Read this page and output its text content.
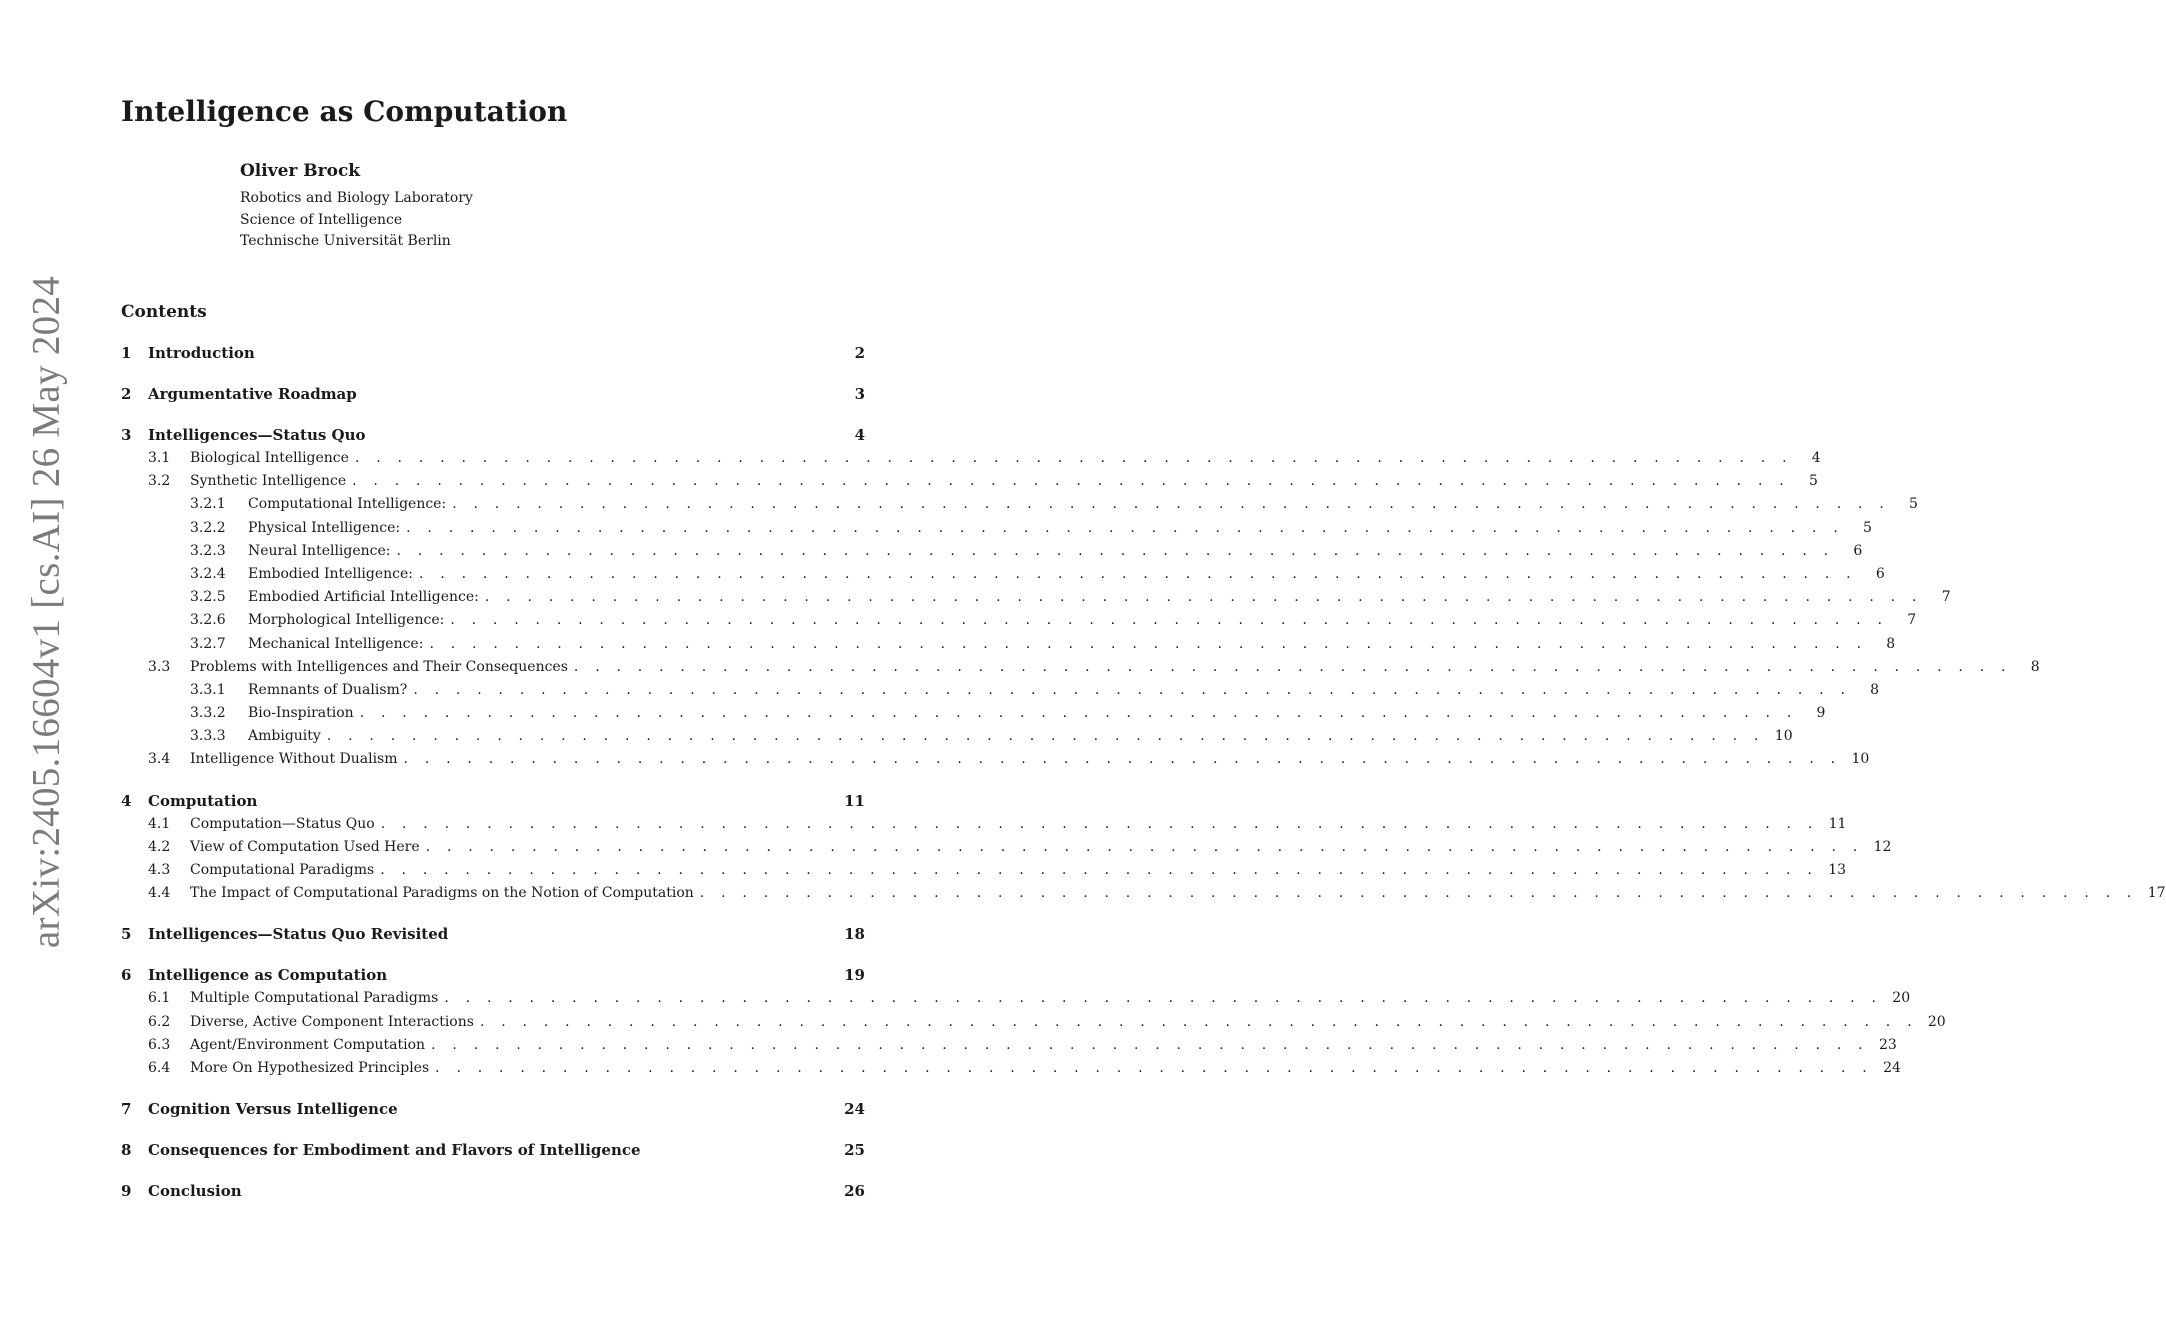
arXiv:2405.16604v1 [cs.AI] 26 May 2024
Intelligence as Computation
Oliver Brock
Robotics and Biology Laboratory
Science of Intelligence
Technische Universität Berlin
Contents
1	Introduction	2
2	Argumentative Roadmap	3
3	Intelligences—Status Quo	4
3.1	Biological Intelligence . . . . . . . . . . . . . . . . . . . . . . . . . . . . . . . . . . . . . . . . . . . . . . . . . . . . . . . . . . . . . . . . . . . .	4
3.2	Synthetic Intelligence . . . . . . . . . . . . . . . . . . . . . . . . . . . . . . . . . . . . . . . . . . . . . . . . . . . . . . . . . . . . . . . . . . . .	5
3.2.1	Computational Intelligence: . . . . . . . . . . . . . . . . . . . . . . . . . . . . . . . . . . . . . . . . . . . . . . . . . . . . . . . . . . . . . . . . . . . .	5
3.2.2	Physical Intelligence: . . . . . . . . . . . . . . . . . . . . . . . . . . . . . . . . . . . . . . . . . . . . . . . . . . . . . . . . . . . . . . . . . . . .	5
3.2.3	Neural Intelligence: . . . . . . . . . . . . . . . . . . . . . . . . . . . . . . . . . . . . . . . . . . . . . . . . . . . . . . . . . . . . . . . . . . . .	6
3.2.4	Embodied Intelligence: . . . . . . . . . . . . . . . . . . . . . . . . . . . . . . . . . . . . . . . . . . . . . . . . . . . . . . . . . . . . . . . . . . . .	6
3.2.5	Embodied Artificial Intelligence: . . . . . . . . . . . . . . . . . . . . . . . . . . . . . . . . . . . . . . . . . . . . . . . . . . . . . . . . . . . . . . . . . . . .	7
3.2.6	Morphological Intelligence: . . . . . . . . . . . . . . . . . . . . . . . . . . . . . . . . . . . . . . . . . . . . . . . . . . . . . . . . . . . . . . . . . . . .	7
3.2.7	Mechanical Intelligence: . . . . . . . . . . . . . . . . . . . . . . . . . . . . . . . . . . . . . . . . . . . . . . . . . . . . . . . . . . . . . . . . . . . .	8
3.3	Problems with Intelligences and Their Consequences . . . . . . . . . . . . . . . . . . . . . . . . . . . . . . . . . . . . . . . . . . . . . . . . . . . . . . . . . . . . . . . . . . . .	8
3.3.1	Remnants of Dualism? . . . . . . . . . . . . . . . . . . . . . . . . . . . . . . . . . . . . . . . . . . . . . . . . . . . . . . . . . . . . . . . . . . . .	8
3.3.2	Bio-Inspiration . . . . . . . . . . . . . . . . . . . . . . . . . . . . . . . . . . . . . . . . . . . . . . . . . . . . . . . . . . . . . . . . . . . .	9
3.3.3	Ambiguity . . . . . . . . . . . . . . . . . . . . . . . . . . . . . . . . . . . . . . . . . . . . . . . . . . . . . . . . . . . . . . . . . . . . 10
3.4	Intelligence Without Dualism . . . . . . . . . . . . . . . . . . . . . . . . . . . . . . . . . . . . . . . . . . . . . . . . . . . . . . . . . . . . . . . . . . . . 10
4	Computation	11
4.1	Computation—Status Quo . . . . . . . . . . . . . . . . . . . . . . . . . . . . . . . . . . . . . . . . . . . . . . . . . . . . . . . . . . . . . . . . . . . . 11
4.2	View of Computation Used Here . . . . . . . . . . . . . . . . . . . . . . . . . . . . . . . . . . . . . . . . . . . . . . . . . . . . . . . . . . . . . . . . . . . . 12
4.3	Computational Paradigms . . . . . . . . . . . . . . . . . . . . . . . . . . . . . . . . . . . . . . . . . . . . . . . . . . . . . . . . . . . . . . . . . . . . 13
4.4	The Impact of Computational Paradigms on the Notion of Computation . . . . . . . . . . . . . . . . . . . . . . . . . . . . . . . . . . . . . . . . . . . . . . . . . . . . . . . . . . . . . . . . . . . . 17
5	Intelligences—Status Quo Revisited	18
6	Intelligence as Computation	19
6.1	Multiple Computational Paradigms . . . . . . . . . . . . . . . . . . . . . . . . . . . . . . . . . . . . . . . . . . . . . . . . . . . . . . . . . . . . . . . . . . . . 20
6.2	Diverse, Active Component Interactions . . . . . . . . . . . . . . . . . . . . . . . . . . . . . . . . . . . . . . . . . . . . . . . . . . . . . . . . . . . . . . . . . . . . 20
6.3	Agent/Environment Computation . . . . . . . . . . . . . . . . . . . . . . . . . . . . . . . . . . . . . . . . . . . . . . . . . . . . . . . . . . . . . . . . . . . . 23
6.4	More On Hypothesized Principles . . . . . . . . . . . . . . . . . . . . . . . . . . . . . . . . . . . . . . . . . . . . . . . . . . . . . . . . . . . . . . . . . . . . 24
7	Cognition Versus Intelligence	24
8	Consequences for Embodiment and Flavors of Intelligence	25
9	Conclusion	26
